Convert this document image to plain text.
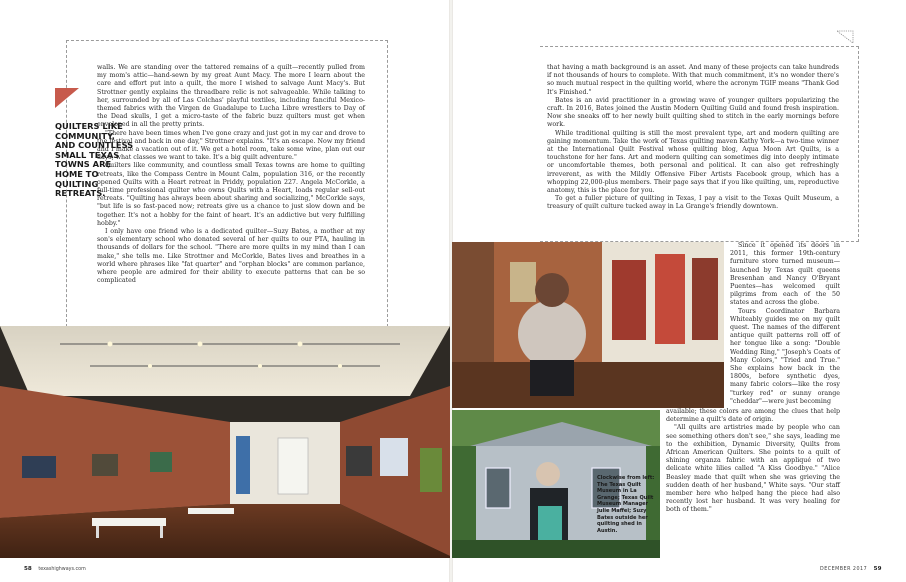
QUILTERS LIKE COMMUNITY, AND COUNTLESS SMALL TEXAS TOWNS ARE HOME TO QUILTING RETREATS.

walls. We are standing over the tattered remains of a quilt—recently pulled from my mom's attic—hand-sewn by my great Aunt Macy. The more I learn about the care and effort put into a quilt, the more I wished to salvage Aunt Macy's. But Strottner gently explains the threadbare relic is not salvageable. While talking to her, surrounded by all of Las Colchas' playful textiles, including fanciful Mexico-themed fabrics with the Virgen de Guadalupe to Lucha Libre wrestlers to Day of the Dead skulls, I get a micro-taste of the fabric buzz quilters must get when enveloped in all the pretty prints.

"There have been times when I've gone crazy and just got in my car and drove to the festival and back in one day," Strottner explains. "It's an escape. Now my friend and I make a vacation out of it. We get a hotel room, take some wine, plan out our days, what classes we want to take. It's a big quilt adventure."

Quilters like community, and countless small Texas towns are home to quilting retreats, like the Compass Centre in Mount Calm, population 316, or the recently opened Quilts with a Heart retreat in Priddy, population 227. Angela McCorkle, a full-time professional quilter who owns Quilts with a Heart, loads regular sell-out retreats. "Quilting has always been about sharing and socializing," McCorkle says, "but life is so fast-paced now; retreats give us a chance to just slow down and be together. It's not a hobby for the faint of heart. It's an addictive but very fulfilling hobby."

I only have one friend who is a dedicated quilter—Suzy Bates, a mother at my son's elementary school who donated several of her quilts to our PTA, hauling in thousands of dollars for the school. "There are more quilts in my mind than I can make," she tells me. Like Strottner and McCorkle, Bates lives and breathes in a world where phrases like "fat quarter" and "orphan blocks" are common parlance, where people are admired for their ability to execute patterns that can be so complicated

that having a math background is an asset. And many of these projects can take hundreds if not thousands of hours to complete. With that much commitment, it's no wonder there's so much mutual respect in the quilting world, where the acronym TGIF means "Thank God It's Finished."

Bates is an avid practitioner in a growing wave of younger quilters popularizing the craft. In 2016, Bates joined the Austin Modern Quilting Guild and found fresh inspiration. Now she sneaks off to her newly built quilting shed to stitch in the early mornings before work.

While traditional quilting is still the most prevalent type, art and modern quilting are gaining momentum. Take the work of Texas quilting maven Kathy York—a two-time winner at the International Quilt Festival whose quilting blog, Aqua Moon Art Quilts, is a touchstone for her fans. Art and modern quilting can sometimes dig into deeply intimate or uncomfortable themes, both personal and political. It can also get refreshingly irreverent, as with the Mildly Offensive Fiber Artists Facebook group, which has a whopping 22,000-plus members. Their page says that if you like quilting, um, reproductive anatomy, this is the place for you.

To get a fuller picture of quilting in Texas, I pay a visit to the Texas Quilt Museum, a treasury of quilt culture tucked away in La Grange's friendly downtown.

Since it opened its doors in 2011, this former 19th-century furniture store turned museum—launched by Texas quilt queens Bresenhan and Nancy O'Bryant Puentes—has welcomed quilt pilgrims from each of the 50 states and across the globe.

Tours Coordinator Barbara Whiteably guides me on my quilt quest. The names of the different antique quilt patterns roll off of her tongue like a song: "Double Wedding Ring," "Joseph's Coats of Many Colors," "Tried and True." She explains how back in the 1800s, before synthetic dyes, many fabric colors—like the rosy "turkey red" or sunny orange "cheddar"—were just becoming

available; these colors are among the clues that help determine a quilt's date of origin.

"All quilts are artistries made by people who can see something others don't see," she says, leading me to the exhibition, Dynamic Diversity, Quilts from African American Quilters. She points to a quilt of shining organza fabric with an appliqué of two delicate white lilies called "A Kiss Goodbye." "Alice Beasley made that quilt when she was grieving the sudden death of her husband," White says. "Our staff member here who helped hang the piece had also recently lost her husband. It was very healing for both of them."

Clockwise from left: The Texas Quilt Museum in La Grange; Texas Quilt Museum Manager Julie Maffei; Suzy Bates outside her quilting shed in Austin.

58 texashighways.com	DECEMBER 2017 59
